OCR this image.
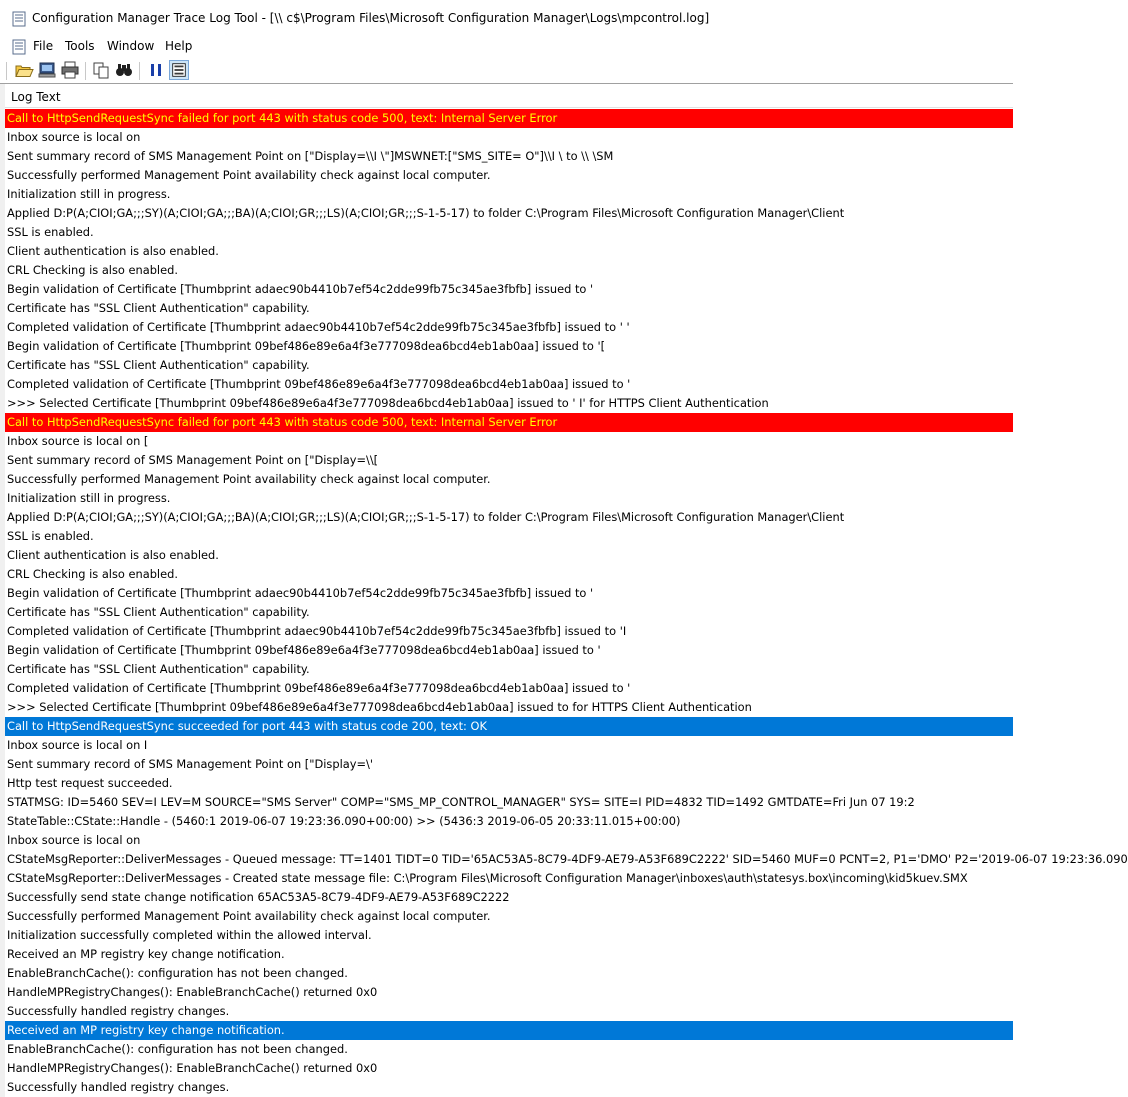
Configuration Manager Trace Log Tool - [\\ c$\Program Files\Microsoft Configuration Manager\Logs\mpcontrol.log]
File Tools Window Help
Log Text
Call to HttpSendRequestSync failed for port 443 with status code 500, text: Internal Server Error
Inbox source is local on
Sent summary record of SMS Management Point on ["Display=\\I \"]MSWNET:["SMS_SITE= O"]\\I \ to \\ \SM
Successfully performed Management Point availability check against local computer.
Initialization still in progress.
Applied D:P(A;CIOI;GA;;;SY)(A;CIOI;GA;;;BA)(A;CIOI;GR;;;LS)(A;CIOI;GR;;;S-1-5-17) to folder C:\Program Files\Microsoft Configuration Manager\Client
SSL is enabled.
Client authentication is also enabled.
CRL Checking is also enabled.
Begin validation of Certificate [Thumbprint adaec90b4410b7ef54c2dde99fb75c345ae3fbfb] issued to '
Certificate has "SSL Client Authentication" capability.
Completed validation of Certificate [Thumbprint adaec90b4410b7ef54c2dde99fb75c345ae3fbfb] issued to ' '
Begin validation of Certificate [Thumbprint 09bef486e89e6a4f3e777098dea6bcd4eb1ab0aa] issued to '[
Certificate has "SSL Client Authentication" capability.
Completed validation of Certificate [Thumbprint 09bef486e89e6a4f3e777098dea6bcd4eb1ab0aa] issued to '
>>> Selected Certificate [Thumbprint 09bef486e89e6a4f3e777098dea6bcd4eb1ab0aa] issued to ' I' for HTTPS Client Authentication
Call to HttpSendRequestSync failed for port 443 with status code 500, text: Internal Server Error
Inbox source is local on [
Sent summary record of SMS Management Point on ["Display=\\[
Successfully performed Management Point availability check against local computer.
Initialization still in progress.
Applied D:P(A;CIOI;GA;;;SY)(A;CIOI;GA;;;BA)(A;CIOI;GR;;;LS)(A;CIOI;GR;;;S-1-5-17) to folder C:\Program Files\Microsoft Configuration Manager\Client
SSL is enabled.
Client authentication is also enabled.
CRL Checking is also enabled.
Begin validation of Certificate [Thumbprint adaec90b4410b7ef54c2dde99fb75c345ae3fbfb] issued to '
Certificate has "SSL Client Authentication" capability.
Completed validation of Certificate [Thumbprint adaec90b4410b7ef54c2dde99fb75c345ae3fbfb] issued to 'I
Begin validation of Certificate [Thumbprint 09bef486e89e6a4f3e777098dea6bcd4eb1ab0aa] issued to '
Certificate has "SSL Client Authentication" capability.
Completed validation of Certificate [Thumbprint 09bef486e89e6a4f3e777098dea6bcd4eb1ab0aa] issued to '
>>> Selected Certificate [Thumbprint 09bef486e89e6a4f3e777098dea6bcd4eb1ab0aa] issued to for HTTPS Client Authentication
Call to HttpSendRequestSync succeeded for port 443 with status code 200, text: OK
Inbox source is local on I
Sent summary record of SMS Management Point on ["Display=\'
Http test request succeeded.
STATMSG: ID=5460 SEV=I LEV=M SOURCE="SMS Server" COMP="SMS_MP_CONTROL_MANAGER" SYS= SITE=I PID=4832 TID=1492 GMTDATE=Fri Jun 07 19:2
StateTable::CState::Handle - (5460:1 2019-06-07 19:23:36.090+00:00) >> (5436:3 2019-06-05 20:33:11.015+00:00)
Inbox source is local on
CStateMsgReporter::DeliverMessages - Queued message: TT=1401 TIDT=0 TID='65AC53A5-8C79-4DF9-AE79-A53F689C2222' SID=5460 MUF=0 PCNT=2, P1='DMO' P2='2019-06-07 19:23:36.090
CStateMsgReporter::DeliverMessages - Created state message file: C:\Program Files\Microsoft Configuration Manager\inboxes\auth\statesys.box\incoming\kid5kuev.SMX
Successfully send state change notification 65AC53A5-8C79-4DF9-AE79-A53F689C2222
Successfully performed Management Point availability check against local computer.
Initialization successfully completed within the allowed interval.
Received an MP registry key change notification.
EnableBranchCache(): configuration has not been changed.
HandleMPRegistryChanges(): EnableBranchCache() returned 0x0
Successfully handled registry changes.
Received an MP registry key change notification.
EnableBranchCache(): configuration has not been changed.
HandleMPRegistryChanges(): EnableBranchCache() returned 0x0
Successfully handled registry changes.
